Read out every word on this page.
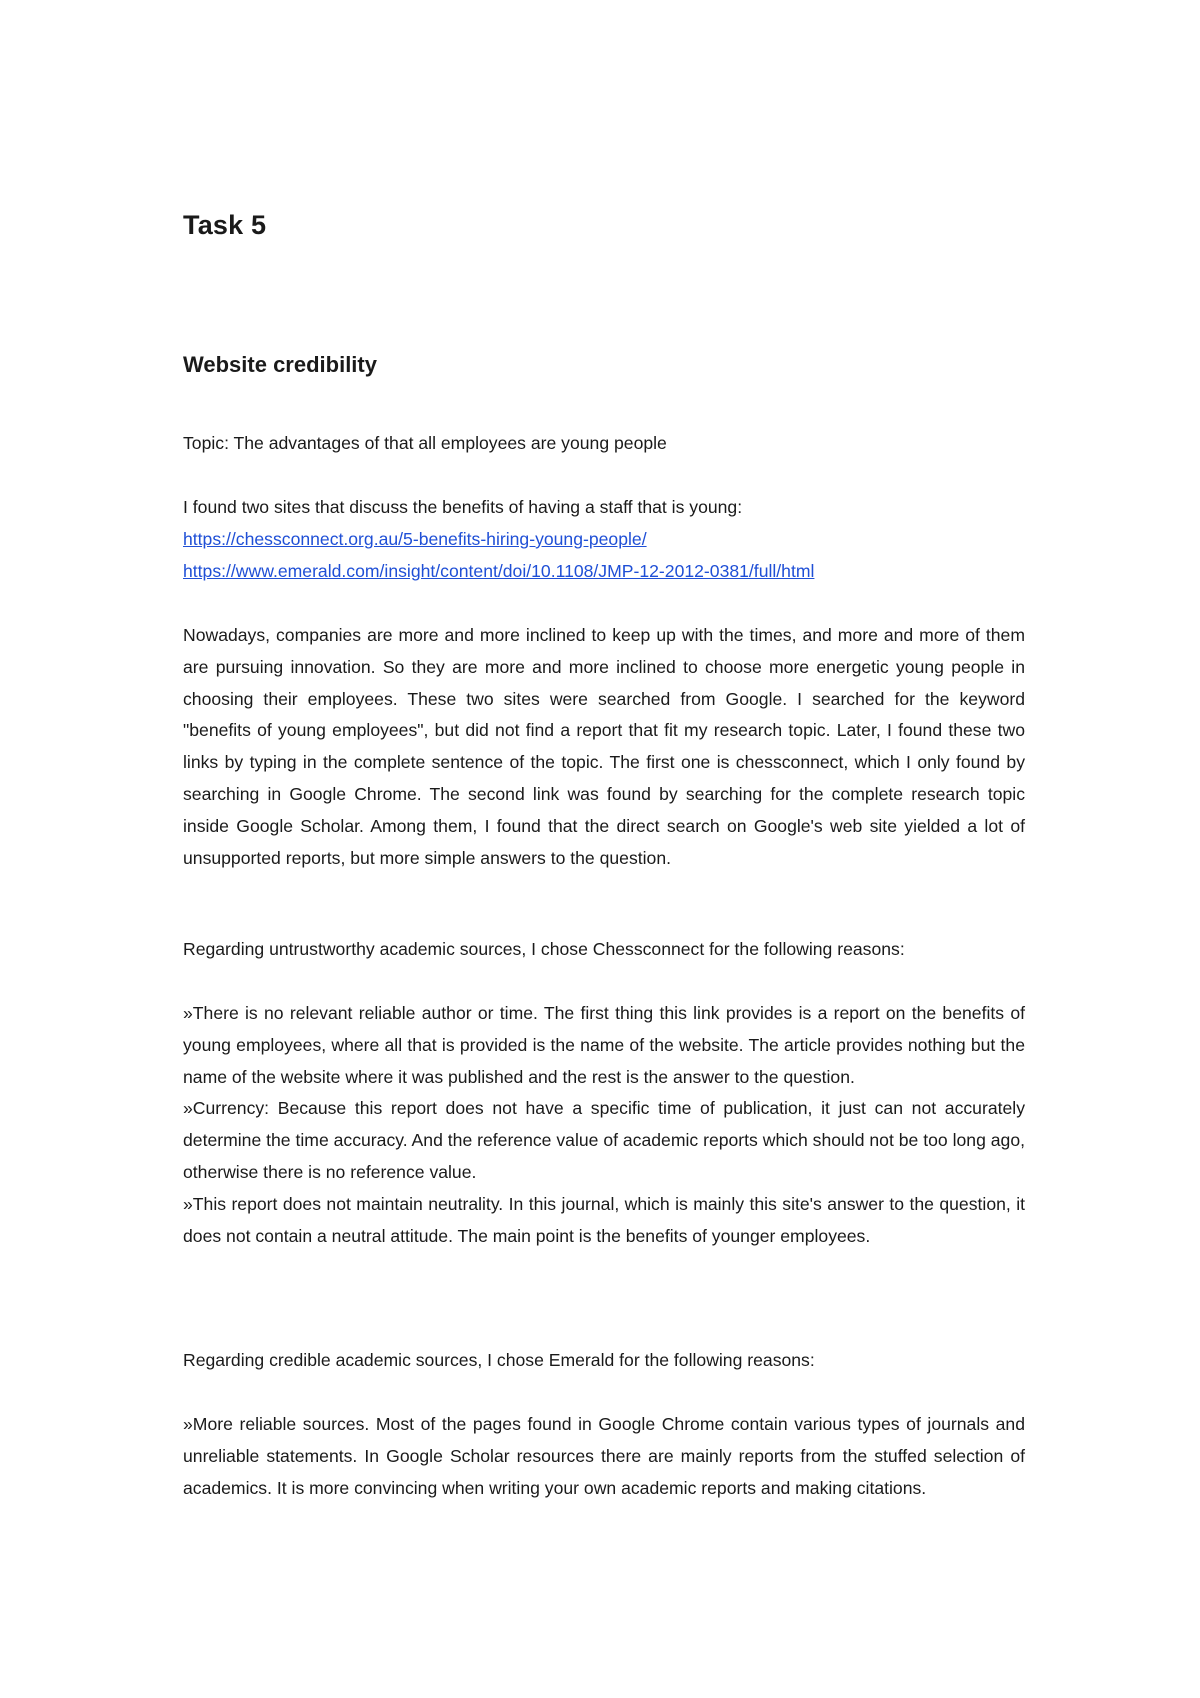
Task 5
Website credibility

Topic: The advantages of that all employees are young people

I found two sites that discuss the benefits of having a staff that is young:

https://chessconnect.org.au/5-benefits-hiring-young-people/
https://www.emerald.com/insight/content/doi/10.1108/JMP-12-2012-0381/full/html

Nowadays, companies are more and more inclined to keep up with the times, and more and more of them are pursuing innovation. So they are more and more inclined to choose more energetic young people in choosing their employees. These two sites were searched from Google. I searched for the keyword "benefits of young employees", but did not find a report that fit my research topic. Later, I found these two links by typing in the complete sentence of the topic. The first one is chessconnect, which I only found by searching in Google Chrome. The second link was found by searching for the complete research topic inside Google Scholar. Among them, I found that the direct search on Google's web site yielded a lot of unsupported reports, but more simple answers to the question.

Regarding untrustworthy academic sources, I chose Chessconnect for the following reasons:

»There is no relevant reliable author or time. The first thing this link provides is a report on the benefits of young employees, where all that is provided is the name of the website. The article provides nothing but the name of the website where it was published and the rest is the answer to the question.

»Currency: Because this report does not have a specific time of publication, it just can not accurately determine the time accuracy. And the reference value of academic reports which should not be too long ago, otherwise there is no reference value.

»This report does not maintain neutrality. In this journal, which is mainly this site's answer to the question, it does not contain a neutral attitude. The main point is the benefits of younger employees.

Regarding credible academic sources, I chose Emerald for the following reasons:

»More reliable sources. Most of the pages found in Google Chrome contain various types of journals and unreliable statements. In Google Scholar resources there are mainly reports from the stuffed selection of academics. It is more convincing when writing your own academic reports and making citations.
